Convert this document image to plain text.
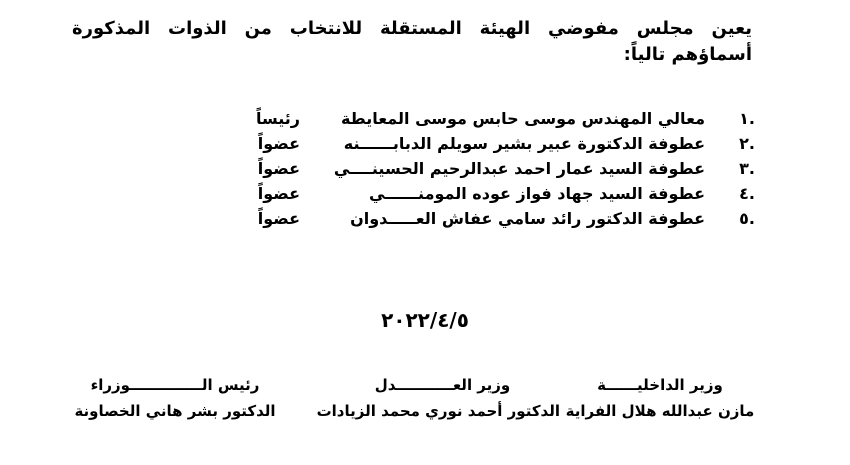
يعين مجلس مفوضي الهيئة المستقلة للانتخاب من الذوات المذكورة
أسماؤهم تالياً:
.١
معالي المهندس موسى حابس موسى المعايطة
رئيساً
.٢
عطوفة الدكتورة عبير بشير سويلم الدبابــــــنه
عضواً
.٣
عطوفة السيد عمار احمد عبدالرحيم الحسينــــي
عضواً
.٤
عطوفة السيد جهاد فواز عوده المومنــــــي
عضواً
.٥
عطوفة الدكتور رائد سامي عفاش العـــــدوان
عضواً
٢٠٢٢/٤/٥
وزير الداخليــــــة
مازن عبدالله هلال الفراية
وزير العـــــــــــدل
الدكتور أحمد نوري محمد الزيادات
رئيس الــــــــــــــوزراء
الدكتور بشر هاني الخصاونة
